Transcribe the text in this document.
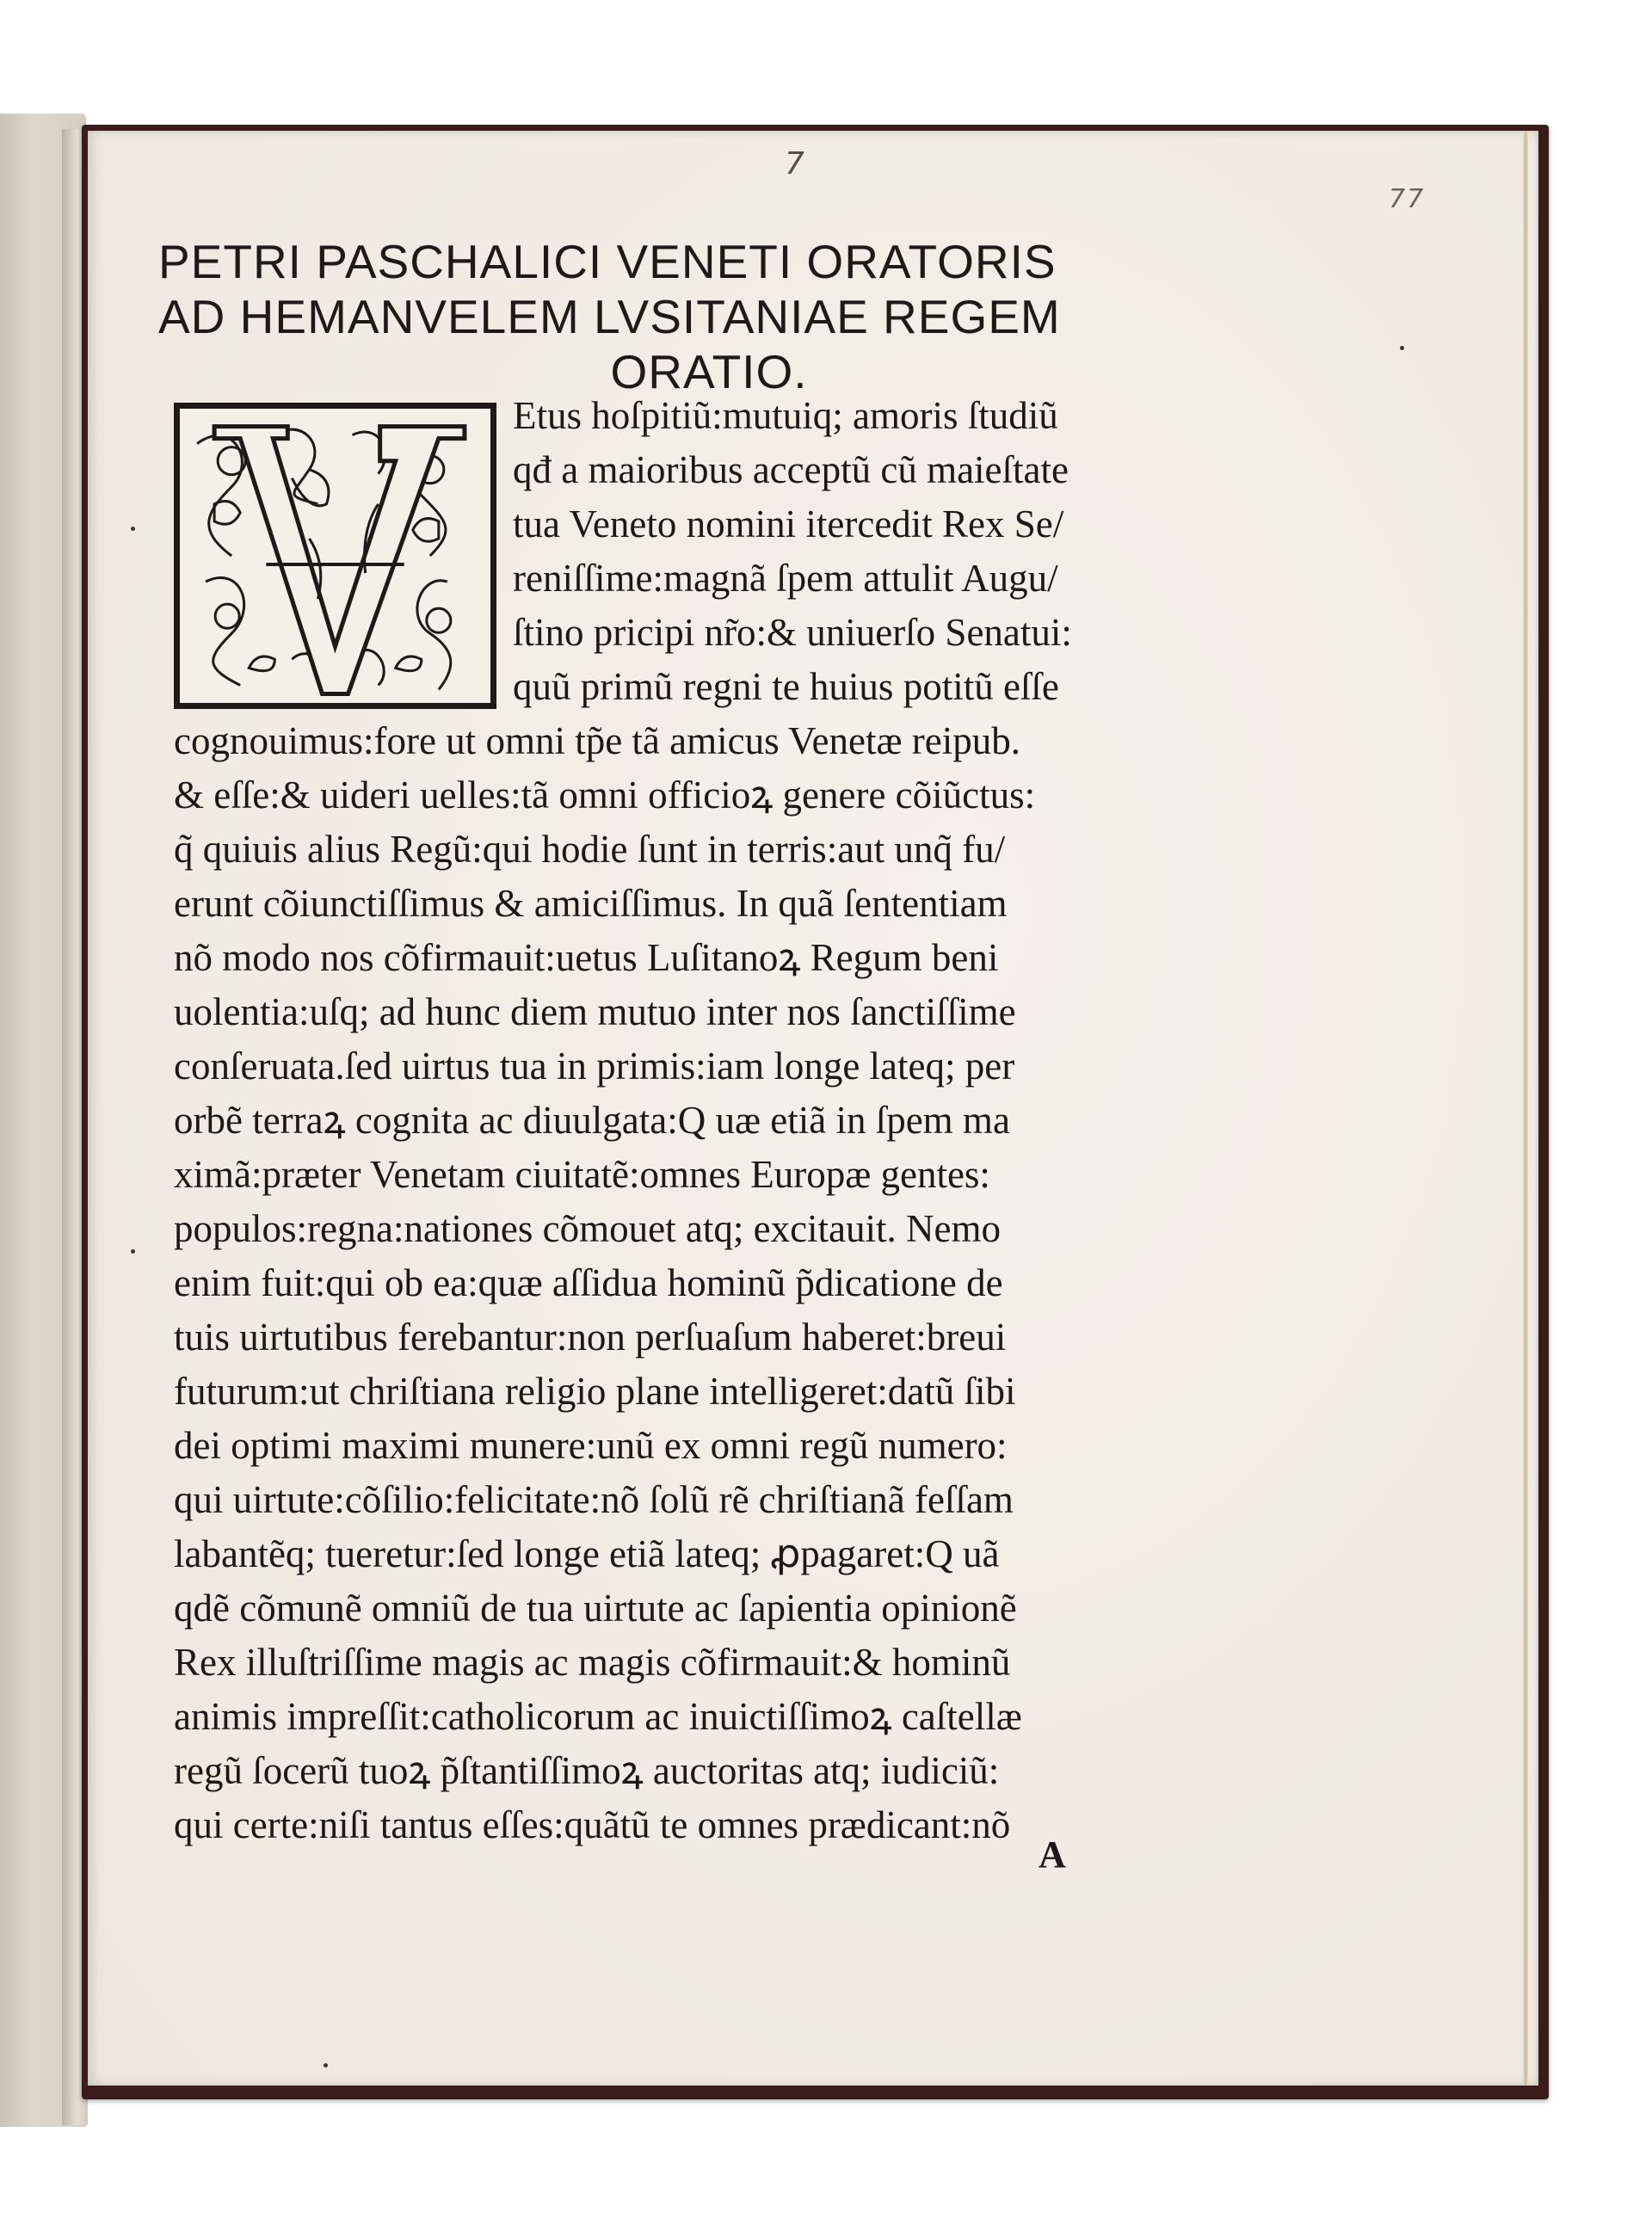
7
77
PETRI PASCHALICI VENETI ORATORIS
AD HEMANVELEM LVSITANIAE REGEM
ORATIO.
Etus hoſpitiũ:mutuiq; amoris ſtudiũ
qđ a maioribus acceptũ cũ maieſtate
tua Veneto nomini itercedit Rex Se/
reniſſime:magnã ſpem attulit Augu/
ſtino pricipi nr̃o:& uniuerſo Senatui:
quũ primũ regni te huius potitũ eſſe
cognouimus:fore ut omni tp̃e tã amicus Venetæ reipub.
& eſſe:& uideri uelles:tã omni officioꝝ genere cõiũctus:
q̃ quiuis alius Regũ:qui hodie ſunt in terris:aut unq̃ fu/
erunt cõiunctiſſimus & amiciſſimus. In quã ſententiam
nõ modo nos cõfirmauit:uetus Luſitanoꝝ Regum beni
uolentia:uſq; ad hunc diem mutuo inter nos ſanctiſſime
conſeruata.ſed uirtus tua in primis:iam longe lateq; per
orbẽ terraꝝ cognita ac diuulgata:Q uæ etiã in ſpem ma
ximã:præter Venetam ciuitatẽ:omnes Europæ gentes:
populos:regna:nationes cõmouet atq; excitauit. Nemo
enim fuit:qui ob ea:quæ aſſidua hominũ p̃dicatione de
tuis uirtutibus ferebantur:non perſuaſum haberet:breui
futurum:ut chriſtiana religio plane intelligeret:datũ ſibi
dei optimi maximi munere:unũ ex omni regũ numero:
qui uirtute:cõſilio:felicitate:nõ ſolũ rẽ chriſtianã feſſam
labantẽq; tueretur:ſed longe etiã lateq; ꝓpagaret:Q uã
qdẽ cõmunẽ omniũ de tua uirtute ac ſapientia opinionẽ
Rex illuſtriſſime magis ac magis cõfirmauit:& hominũ
animis impreſſit:catholicorum ac inuictiſſimoꝝ caſtellæ
regũ ſocerũ tuoꝝ p̃ſtantiſſimoꝝ auctoritas atq; iudiciũ:
qui certe:niſi tantus eſſes:quãtũ te omnes prædicant:nõ
A
